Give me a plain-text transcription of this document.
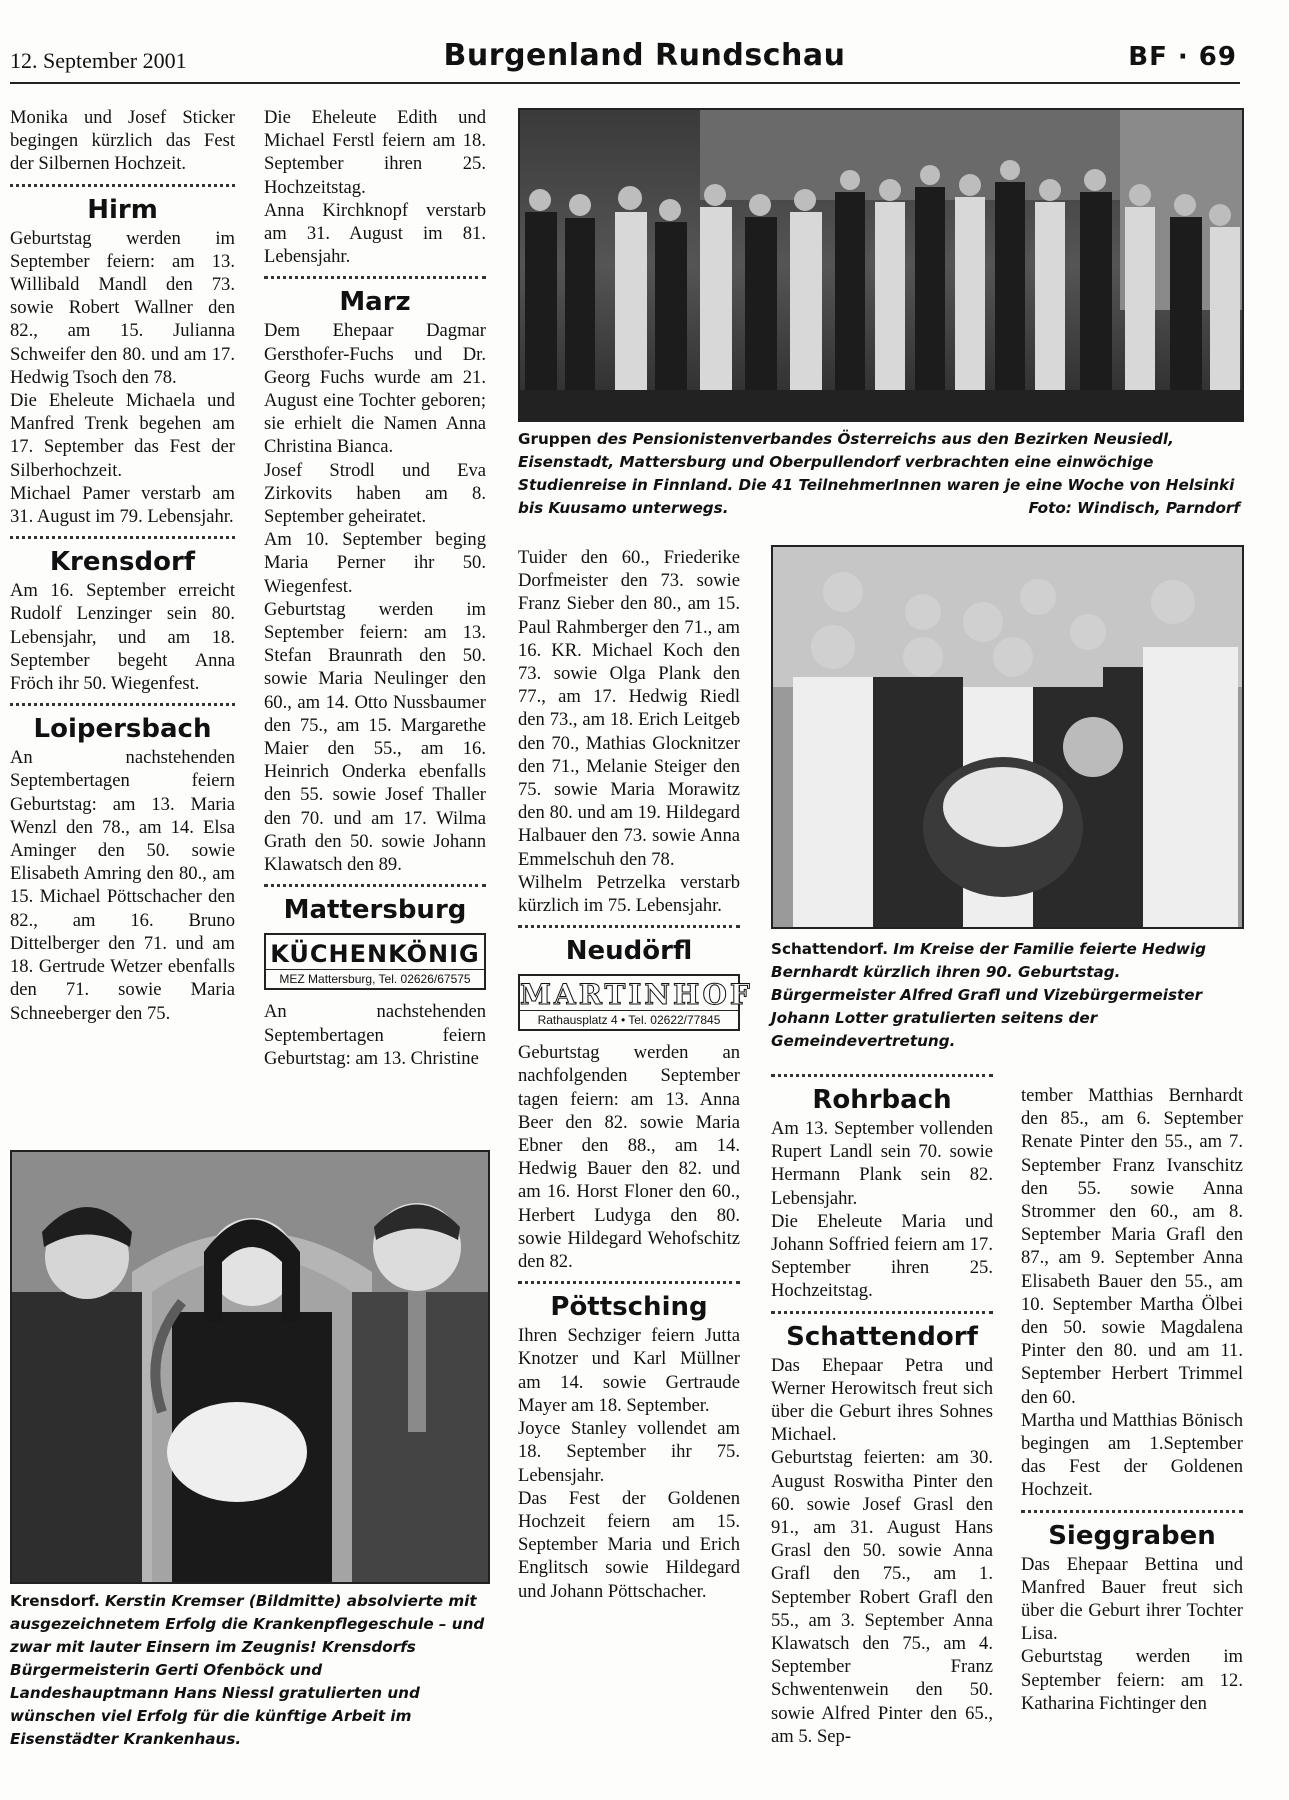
12. September 2001	Burgenland Rundschau	BF · 69

Monika und Josef Sticker begingen kürzlich das Fest der Silbernen Hochzeit.

Hirm

Geburtstag werden im September feiern: am 13. Willibald Mandl den 73. sowie Robert Wallner den 82., am 15. Julianna Schweifer den 80. und am 17. Hedwig Tsoch den 78.

Die Eheleute Michaela und Manfred Trenk begehen am 17. September das Fest der Silberhochzeit.

Michael Pamer verstarb am 31. August im 79. Lebensjahr.

Krensdorf

Am 16. September erreicht Rudolf Lenzinger sein 80. Lebensjahr, und am 18. September begeht Anna Fröch ihr 50. Wiegenfest.

Loipersbach

An nachstehenden Septembertagen feiern Geburtstag: am 13. Maria Wenzl den 78., am 14. Elsa Aminger den 50. sowie Elisabeth Amring den 80., am 15. Michael Pöttschacher den 82., am 16. Bruno Dittelberger den 71. und am 18. Gertrude Wetzer ebenfalls den 71. sowie Maria Schneeberger den 75.

Die Eheleute Edith und Michael Ferstl feiern am 18. September ihren 25. Hochzeitstag.

Anna Kirchknopf verstarb am 31. August im 81. Lebensjahr.

Marz

Dem Ehepaar Dagmar Gersthofer-Fuchs und Dr. Georg Fuchs wurde am 21. August eine Tochter geboren; sie erhielt die Namen Anna Christina Bianca.

Josef Strodl und Eva Zirkovits haben am 8. September geheiratet.

Am 10. September beging Maria Perner ihr 50. Wiegenfest.

Geburtstag werden im September feiern: am 13. Stefan Braunrath den 50. sowie Maria Neulinger den 60., am 14. Otto Nussbaumer den 75., am 15. Margarethe Maier den 55., am 16. Heinrich Onderka ebenfalls den 55. sowie Josef Thaller den 70. und am 17. Wilma Grath den 50. sowie Johann Klawatsch den 89.

Mattersburg
KÜCHENKÖNIG
MEZ Mattersburg, Tel. 02626/67575

An nachstehenden Septembertagen feiern Geburtstag: am 13. Christine

Gruppen des Pensionistenverbandes Österreichs aus den Bezirken Neusiedl, Eisenstadt, Mattersburg und Oberpullendorf verbrachten eine einwöchige Studienreise in Finnland. Die 41 TeilnehmerInnen waren je eine Woche von Helsinki bis Kuusamo unterwegs.	Foto: Windisch, Parndorf

Tuider den 60., Friederike Dorfmeister den 73. sowie Franz Sieber den 80., am 15. Paul Rahmberger den 71., am 16. KR. Michael Koch den 73. sowie Olga Plank den 77., am 17. Hedwig Riedl den 73., am 18. Erich Leitgeb den 70., Mathias Glocknitzer den 71., Melanie Steiger den 75. sowie Maria Morawitz den 80. und am 19. Hildegard Halbauer den 73. sowie Anna Emmelschuh den 78.

Wilhelm Petrzelka verstarb kürzlich im 75. Lebensjahr.

Neudörfl
MARTINHOF
Rathausplatz 4 • Tel. 02622/77845

Geburtstag werden an nachfolgenden September tagen feiern: am 13. Anna Beer den 82. sowie Maria Ebner den 88., am 14. Hedwig Bauer den 82. und am 16. Horst Floner den 60., Herbert Ludyga den 80. sowie Hildegard Wehofschitz den 82.

Pöttsching

Ihren Sechziger feiern Jutta Knotzer und Karl Müllner am 14. sowie Gertraude Mayer am 18. September.

Joyce Stanley vollendet am 18. September ihr 75. Lebensjahr.

Das Fest der Goldenen Hochzeit feiern am 15. September Maria und Erich Englitsch sowie Hildegard und Johann Pöttschacher.

Schattendorf. Im Kreise der Familie feierte Hedwig Bernhardt kürzlich ihren 90. Geburtstag. Bürgermeister Alfred Grafl und Vizebürgermeister Johann Lotter gratulierten seitens der Gemeindevertretung.
Rohrbach

Am 13. September vollenden Rupert Landl sein 70. sowie Hermann Plank sein 82. Lebensjahr.

Die Eheleute Maria und Johann Soffried feiern am 17. September ihren 25. Hochzeitstag.

Schattendorf

Das Ehepaar Petra und Werner Herowitsch freut sich über die Geburt ihres Sohnes Michael.

Geburtstag feierten: am 30. August Roswitha Pinter den 60. sowie Josef Grasl den 91., am 31. August Hans Grasl den 50. sowie Anna Grafl den 75., am 1. September Robert Grafl den 55., am 3. September Anna Klawatsch den 75., am 4. September Franz Schwentenwein den 50. sowie Alfred Pinter den 65., am 5. Sep-

tember Matthias Bernhardt den 85., am 6. September Renate Pinter den 55., am 7. September Franz Ivanschitz den 55. sowie Anna Strommer den 60., am 8. September Maria Grafl den 87., am 9. September Anna Elisabeth Bauer den 55., am 10. September Martha Ölbei den 50. sowie Magdalena Pinter den 80. und am 11. September Herbert Trimmel den 60.

Martha und Matthias Bönisch begingen am 1.September das Fest der Goldenen Hochzeit.

Sieggraben

Das Ehepaar Bettina und Manfred Bauer freut sich über die Geburt ihrer Tochter Lisa.

Geburtstag werden im September feiern: am 12. Katharina Fichtinger den

Krensdorf. Kerstin Kremser (Bildmitte) absolvierte mit ausgezeichnetem Erfolg die Krankenpflegeschule – und zwar mit lauter Einsern im Zeugnis! Krensdorfs Bürgermeisterin Gerti Ofenböck und Landeshauptmann Hans Niessl gratulierten und wünschen viel Erfolg für die künftige Arbeit im Eisenstädter Krankenhaus.
